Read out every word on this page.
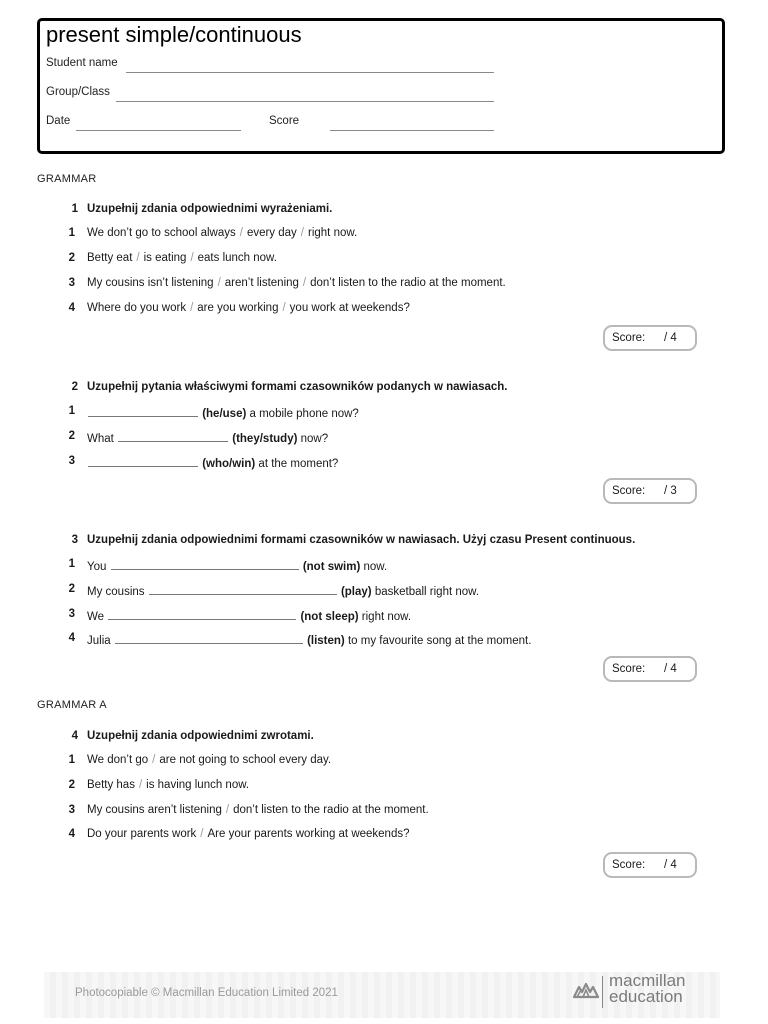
present simple/continuous
Student name
Group/Class
Date	Score
GRAMMAR
1 Uzupełnij zdania odpowiednimi wyrażeniami.
1 We don’t go to school always / every day / right now.
2 Betty eat / is eating / eats lunch now.
3 My cousins isn’t listening / aren’t listening / don’t listen to the radio at the moment.
4 Where do you work / are you working / you work at weekends?
Score:	/ 4
2 Uzupełnij pytania właściwymi formami czasowników podanych w nawiasach.
1	(he/use) a mobile phone now?
2 What	(they/study) now?
3	(who/win) at the moment?
Score:	/ 3
3 Uzupełnij zdania odpowiednimi formami czasowników w nawiasach. Użyj czasu Present continuous.
1 You	(not swim) now.
2 My cousins	(play) basketball right now.
3 We	(not sleep) right now.
4 Julia	(listen) to my favourite song at the moment.
Score:	/ 4
GRAMMAR A
4 Uzupełnij zdania odpowiednimi zwrotami.
1 We don’t go / are not going to school every day.
2 Betty has / is having lunch now.
3 My cousins aren’t listening / don’t listen to the radio at the moment.
4 Do your parents work / Are your parents working at weekends?
Score:	/ 4
Photocopiable © Macmillan Education Limited 2021
macmillan
education
